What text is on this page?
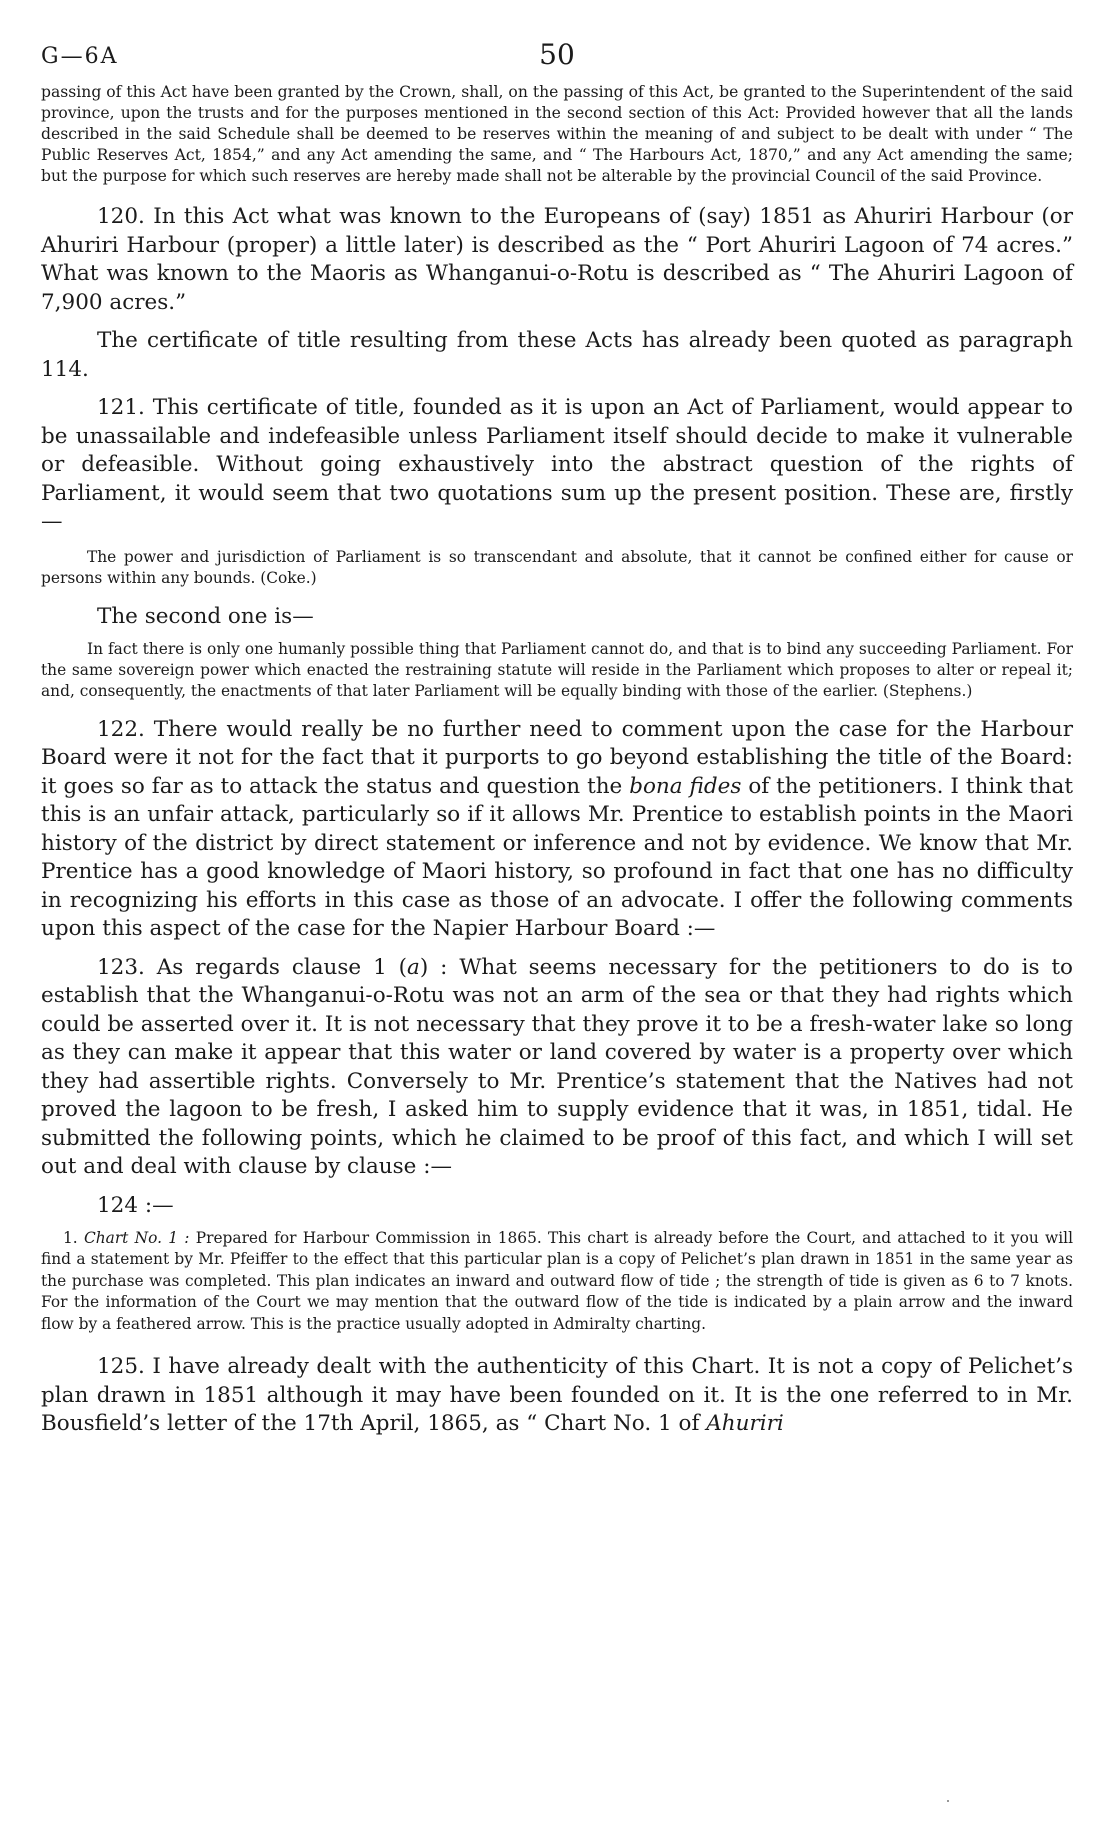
G—6A	50

passing of this Act have been granted by the Crown, shall, on the passing of this Act, be granted to the Superintendent of the said province, upon the trusts and for the purposes mentioned in the second section of this Act: Provided however that all the lands described in the said Schedule shall be deemed to be reserves within the meaning of and subject to be dealt with under “ The Public Reserves Act, 1854,” and any Act amending the same, and “ The Harbours Act, 1870,” and any Act amending the same; but the purpose for which such reserves are hereby made shall not be alterable by the provincial Council of the said Province.

120. In this Act what was known to the Europeans of (say) 1851 as Ahuriri Harbour (or Ahuriri Harbour (proper) a little later) is described as the “ Port Ahuriri Lagoon of 74 acres.” What was known to the Maoris as Whanganui-o-Rotu is described as “ The Ahuriri Lagoon of 7,900 acres.”

The certificate of title resulting from these Acts has already been quoted as paragraph 114.

121. This certificate of title, founded as it is upon an Act of Parliament, would appear to be unassailable and indefeasible unless Parliament itself should decide to make it vulnerable or defeasible. Without going exhaustively into the abstract question of the rights of Parliament, it would seem that two quotations sum up the present position. These are, firstly—

The power and jurisdiction of Parliament is so transcendant and absolute, that it cannot be confined either for cause or persons within any bounds. (Coke.)

The second one is—

In fact there is only one humanly possible thing that Parliament cannot do, and that is to bind any succeeding Parliament. For the same sovereign power which enacted the restraining statute will reside in the Parliament which proposes to alter or repeal it; and, consequently, the enactments of that later Parliament will be equally binding with those of the earlier. (Stephens.)

122. There would really be no further need to comment upon the case for the Harbour Board were it not for the fact that it purports to go beyond establishing the title of the Board: it goes so far as to attack the status and question the bona fides of the petitioners. I think that this is an unfair attack, particularly so if it allows Mr. Prentice to establish points in the Maori history of the district by direct statement or inference and not by evidence. We know that Mr. Prentice has a good knowledge of Maori history, so profound in fact that one has no difficulty in recognizing his efforts in this case as those of an advocate. I offer the following comments upon this aspect of the case for the Napier Harbour Board :—

123. As regards clause 1 (a) : What seems necessary for the petitioners to do is to establish that the Whanganui-o-Rotu was not an arm of the sea or that they had rights which could be asserted over it. It is not necessary that they prove it to be a fresh-water lake so long as they can make it appear that this water or land covered by water is a property over which they had assertible rights. Conversely to Mr. Prentice’s statement that the Natives had not proved the lagoon to be fresh, I asked him to supply evidence that it was, in 1851, tidal. He submitted the following points, which he claimed to be proof of this fact, and which I will set out and deal with clause by clause :—

124 :—

1. Chart No. 1 : Prepared for Harbour Commission in 1865. This chart is already before the Court, and attached to it you will find a statement by Mr. Pfeiffer to the effect that this particular plan is a copy of Pelichet’s plan drawn in 1851 in the same year as the purchase was completed. This plan indicates an inward and outward flow of tide ; the strength of tide is given as 6 to 7 knots. For the information of the Court we may mention that the outward flow of the tide is indicated by a plain arrow and the inward flow by a feathered arrow. This is the practice usually adopted in Admiralty charting.

125. I have already dealt with the authenticity of this Chart. It is not a copy of Pelichet’s plan drawn in 1851 although it may have been founded on it. It is the one referred to in Mr. Bousfield’s letter of the 17th April, 1865, as “ Chart No. 1 of Ahuriri
